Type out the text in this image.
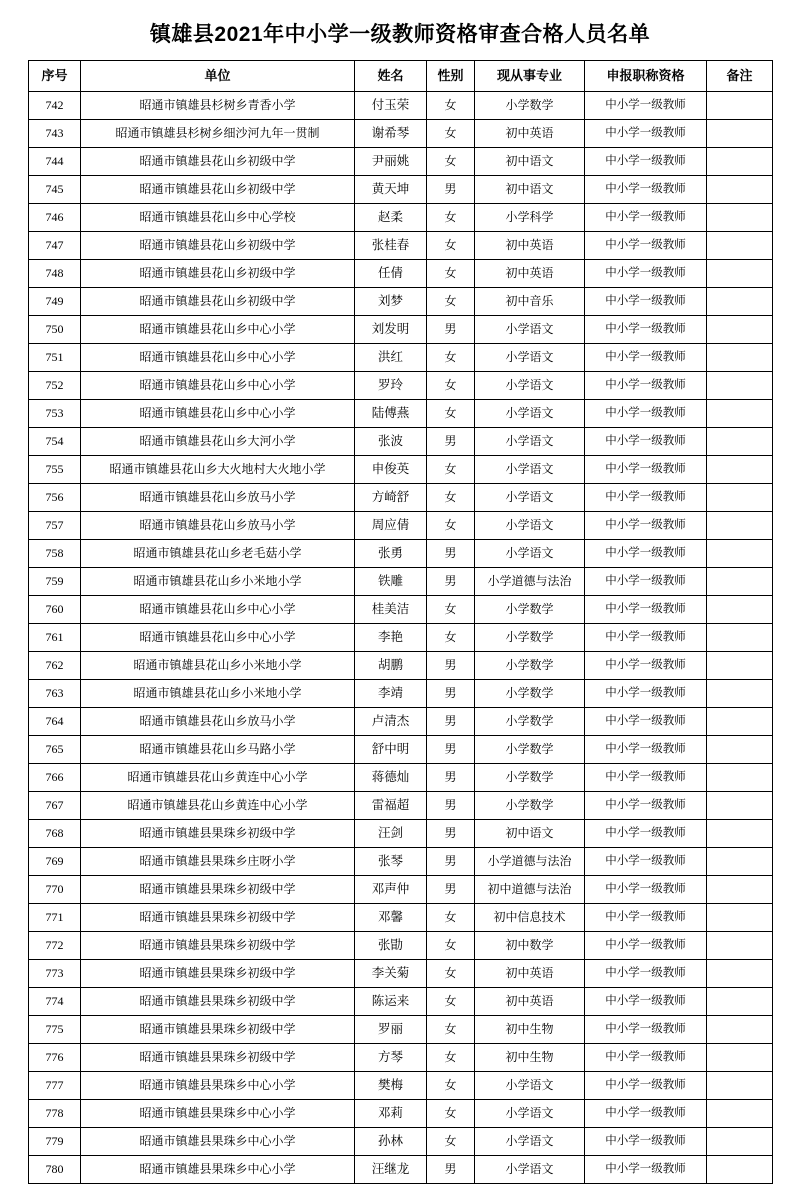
镇雄县2021年中小学一级教师资格审查合格人员名单
序号	单位	姓名	性别	现从事专业	申报职称资格	备注
742	昭通市镇雄县杉树乡青香小学	付玉荣	女	小学数学	中小学一级教师	
743	昭通市镇雄县杉树乡细沙河九年一贯制	谢希琴	女	初中英语	中小学一级教师	
744	昭通市镇雄县花山乡初级中学	尹丽姚	女	初中语文	中小学一级教师	
745	昭通市镇雄县花山乡初级中学	黄天坤	男	初中语文	中小学一级教师	
746	昭通市镇雄县花山乡中心学校	赵柔	女	小学科学	中小学一级教师	
747	昭通市镇雄县花山乡初级中学	张桂春	女	初中英语	中小学一级教师	
748	昭通市镇雄县花山乡初级中学	任倩	女	初中英语	中小学一级教师	
749	昭通市镇雄县花山乡初级中学	刘梦	女	初中音乐	中小学一级教师	
750	昭通市镇雄县花山乡中心小学	刘发明	男	小学语文	中小学一级教师	
751	昭通市镇雄县花山乡中心小学	洪红	女	小学语文	中小学一级教师	
752	昭通市镇雄县花山乡中心小学	罗玲	女	小学语文	中小学一级教师	
753	昭通市镇雄县花山乡中心小学	陆傅燕	女	小学语文	中小学一级教师	
754	昭通市镇雄县花山乡大河小学	张波	男	小学语文	中小学一级教师	
755	昭通市镇雄县花山乡大火地村大火地小学	申俊英	女	小学语文	中小学一级教师	
756	昭通市镇雄县花山乡放马小学	方崎舒	女	小学语文	中小学一级教师	
757	昭通市镇雄县花山乡放马小学	周应倩	女	小学语文	中小学一级教师	
758	昭通市镇雄县花山乡老毛菇小学	张勇	男	小学语文	中小学一级教师	
759	昭通市镇雄县花山乡小米地小学	铁雕	男	小学道德与法治	中小学一级教师	
760	昭通市镇雄县花山乡中心小学	桂美洁	女	小学数学	中小学一级教师	
761	昭通市镇雄县花山乡中心小学	李艳	女	小学数学	中小学一级教师	
762	昭通市镇雄县花山乡小米地小学	胡鹏	男	小学数学	中小学一级教师	
763	昭通市镇雄县花山乡小米地小学	李靖	男	小学数学	中小学一级教师	
764	昭通市镇雄县花山乡放马小学	卢清杰	男	小学数学	中小学一级教师	
765	昭通市镇雄县花山乡马路小学	舒中明	男	小学数学	中小学一级教师	
766	昭通市镇雄县花山乡黄连中心小学	蒋德灿	男	小学数学	中小学一级教师	
767	昭通市镇雄县花山乡黄连中心小学	雷福超	男	小学数学	中小学一级教师	
768	昭通市镇雄县果珠乡初级中学	汪剑	男	初中语文	中小学一级教师	
769	昭通市镇雄县果珠乡庄呀小学	张琴	男	小学道德与法治	中小学一级教师	
770	昭通市镇雄县果珠乡初级中学	邓声仲	男	初中道德与法治	中小学一级教师	
771	昭通市镇雄县果珠乡初级中学	邓馨	女	初中信息技术	中小学一级教师	
772	昭通市镇雄县果珠乡初级中学	张勖	女	初中数学	中小学一级教师	
773	昭通市镇雄县果珠乡初级中学	李关菊	女	初中英语	中小学一级教师	
774	昭通市镇雄县果珠乡初级中学	陈运来	女	初中英语	中小学一级教师	
775	昭通市镇雄县果珠乡初级中学	罗丽	女	初中生物	中小学一级教师	
776	昭通市镇雄县果珠乡初级中学	方琴	女	初中生物	中小学一级教师	
777	昭通市镇雄县果珠乡中心小学	樊梅	女	小学语文	中小学一级教师	
778	昭通市镇雄县果珠乡中心小学	邓莉	女	小学语文	中小学一级教师	
779	昭通市镇雄县果珠乡中心小学	孙林	女	小学语文	中小学一级教师	
780	昭通市镇雄县果珠乡中心小学	汪继龙	男	小学语文	中小学一级教师	
